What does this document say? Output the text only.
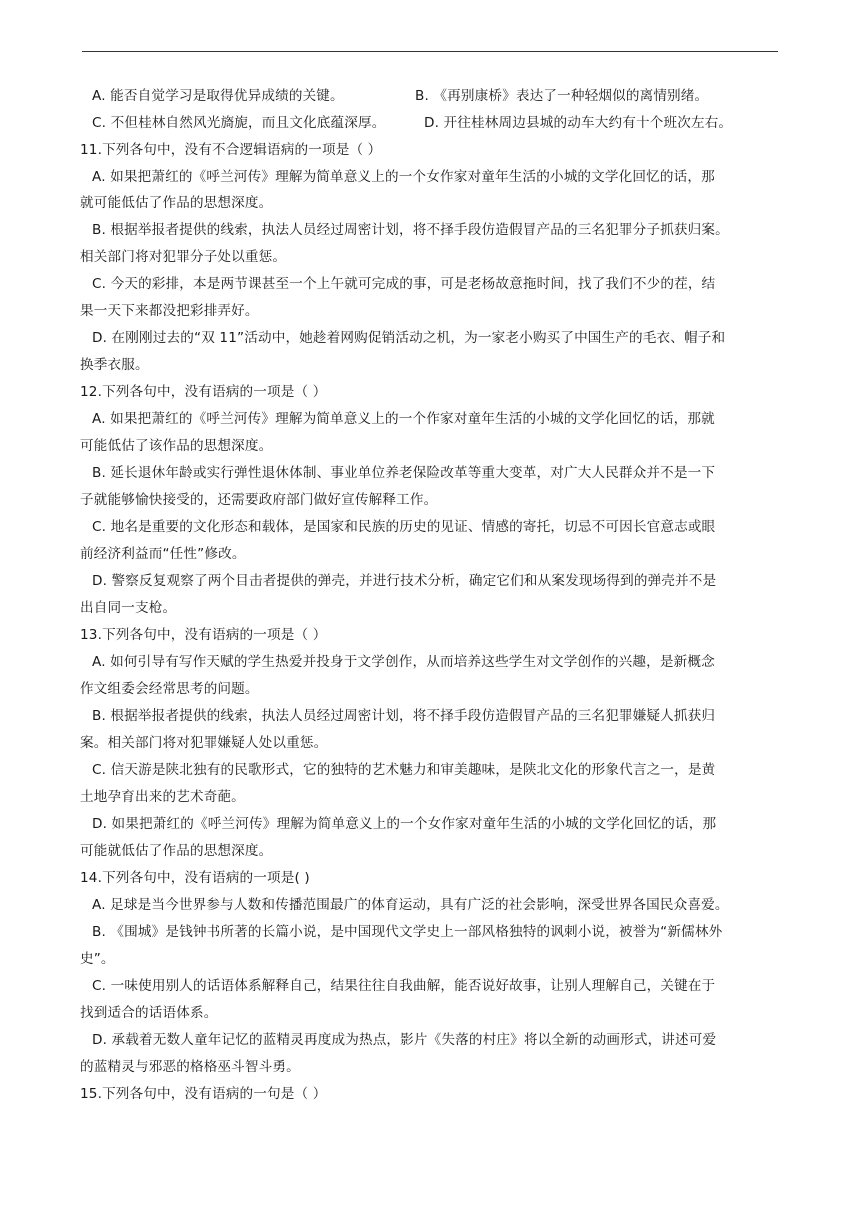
A. 能否自觉学习是取得优异成绩的关键。	B. 《再别康桥》表达了一种轻烟似的离情别绪。
C. 不但桂林自然风光旖旎，而且文化底蕴深厚。	D. 开往桂林周边县城的动车大约有十个班次左右。
11.下列各句中，没有不合逻辑语病的一项是（ ）
A. 如果把萧红的《呼兰河传》理解为简单意义上的一个女作家对童年生活的小城的文学化回忆的话，那
就可能低估了作品的思想深度。
B. 根据举报者提供的线索，执法人员经过周密计划，将不择手段仿造假冒产品的三名犯罪分子抓获归案。
相关部门将对犯罪分子处以重惩。
C. 今天的彩排，本是两节课甚至一个上午就可完成的事，可是老杨故意拖时间，找了我们不少的茬，结
果一天下来都没把彩排弄好。
D. 在刚刚过去的“双 11”活动中，她趁着网购促销活动之机，为一家老小购买了中国生产的毛衣、帽子和
换季衣服。
12.下列各句中，没有语病的一项是（ ）
A. 如果把萧红的《呼兰河传》理解为简单意义上的一个作家对童年生活的小城的文学化回忆的话，那就
可能低估了该作品的思想深度。
B. 延长退休年龄或实行弹性退休体制、事业单位养老保险改革等重大变革，对广大人民群众并不是一下
子就能够愉快接受的，还需要政府部门做好宣传解释工作。
C. 地名是重要的文化形态和载体，是国家和民族的历史的见证、情感的寄托，切忌不可因长官意志或眼
前经济利益而“任性”修改。
D. 警察反复观察了两个目击者提供的弹壳，并进行技术分析，确定它们和从案发现场得到的弹壳并不是
出自同一支枪。
13.下列各句中，没有语病的一项是（ ）
A. 如何引导有写作天赋的学生热爱并投身于文学创作，从而培养这些学生对文学创作的兴趣，是新概念
作文组委会经常思考的问题。
B. 根据举报者提供的线索，执法人员经过周密计划，将不择手段仿造假冒产品的三名犯罪嫌疑人抓获归
案。相关部门将对犯罪嫌疑人处以重惩。
C. 信天游是陕北独有的民歌形式，它的独特的艺术魅力和审美趣味，是陕北文化的形象代言之一，是黄
土地孕育出来的艺术奇葩。
D. 如果把萧红的《呼兰河传》理解为简单意义上的一个女作家对童年生活的小城的文学化回忆的话，那
可能就低估了作品的思想深度。
14.下列各句中，没有语病的一项是( )
A. 足球是当今世界参与人数和传播范围最广的体育运动，具有广泛的社会影响，深受世界各国民众喜爱。
B. 《围城》是钱钟书所著的长篇小说，是中国现代文学史上一部风格独特的讽刺小说，被誉为“新儒林外
史”。
C. 一味使用别人的话语体系解释自己，结果往往自我曲解，能否说好故事，让别人理解自己，关键在于
找到适合的话语体系。
D. 承载着无数人童年记忆的蓝精灵再度成为热点，影片《失落的村庄》将以全新的动画形式，讲述可爱
的蓝精灵与邪恶的格格巫斗智斗勇。
15.下列各句中，没有语病的一句是（ ）
